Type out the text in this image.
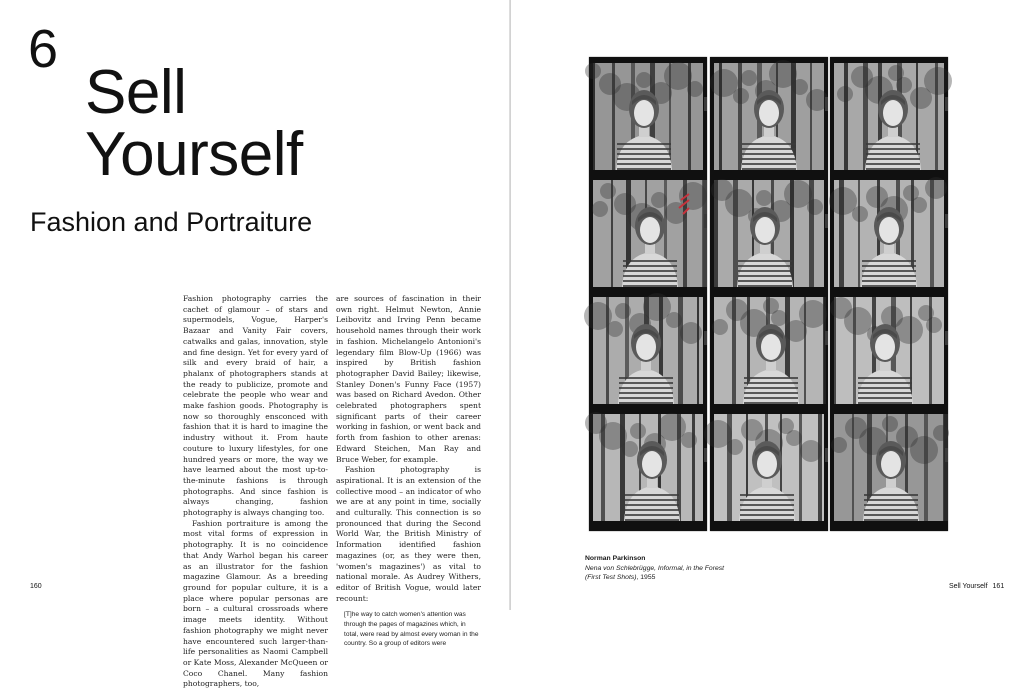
6
Sell
Yourself
Fashion and Portraiture

Fashion photography carries the cachet of glamour – of stars and supermodels, Vogue, Harper's Bazaar and Vanity Fair covers, catwalks and galas, innovation, style and fine design. Yet for every yard of silk and every braid of hair, a phalanx of photographers stands at the ready to publicize, promote and celebrate the people who wear and make fashion goods. Photography is now so thoroughly ensconced with fashion that it is hard to imagine the industry without it. From haute couture to luxury lifestyles, for one hundred years or more, the way we have learned about the most up-to-the-minute fashions is through photographs. And since fashion is always changing, fashion photography is always changing too.

Fashion portraiture is among the most vital forms of expression in photography. It is no coincidence that Andy Warhol began his career as an illustrator for the fashion magazine Glamour. As a breeding ground for popular culture, it is a place where popular personas are born – a cultural crossroads where image meets identity. Without fashion photography we might never have encountered such larger-than-life personalities as Naomi Campbell or Kate Moss, Alexander McQueen or Coco Chanel. Many fashion photographers, too,

are sources of fascination in their own right. Helmut Newton, Annie Leibovitz and Irving Penn became household names through their work in fashion. Michelangelo Antonioni's legendary film Blow-Up (1966) was inspired by British fashion photographer David Bailey; likewise, Stanley Donen's Funny Face (1957) was based on Richard Avedon. Other celebrated photographers spent significant parts of their career working in fashion, or went back and forth from fashion to other arenas: Edward Steichen, Man Ray and Bruce Weber, for example.

Fashion photography is aspirational. It is an extension of the collective mood – an indicator of who we are at any point in time, socially and culturally. This connection is so pronounced that during the Second World War, the British Ministry of Information identified fashion magazines (or, as they were then, 'women's magazines') as vital to national morale. As Audrey Withers, editor of British Vogue, would later recount:

[T]he way to catch women's attention was through the pages of magazines which, in total, were read by almost every woman in the country. So a group of editors were

160
Norman Parkinson
Nena von Schlebrügge, Informal, in the Forest
(First Test Shots), 1955
Sell Yourself 161
